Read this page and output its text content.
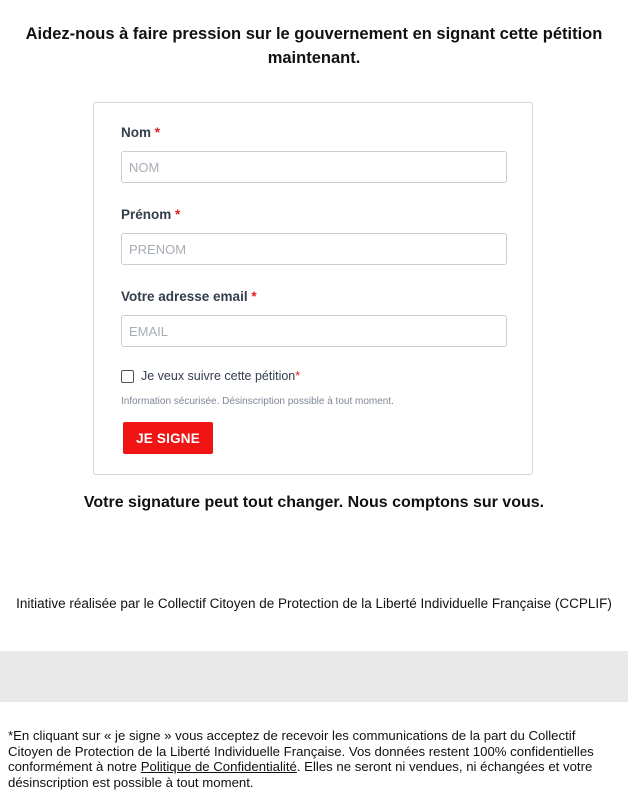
Aidez-nous à faire pression sur le gouvernement en signant cette pétition maintenant.
Nom *
NOM
Prénom *
PRENOM
Votre adresse email *
EMAIL
Je veux suivre cette pétition *
Information sécurisée. Désinscription possible à tout moment.
JE SIGNE
Votre signature peut tout changer. Nous comptons sur vous.
Initiative réalisée par le Collectif Citoyen de Protection de la Liberté Individuelle Française (CCPLIF)
*En cliquant sur « je signe » vous acceptez de recevoir les communications de la part du Collectif Citoyen de Protection de la Liberté Individuelle Française. Vos données restent 100% confidentielles conformément à notre Politique de Confidentialité. Elles ne seront ni vendues, ni échangées et votre désinscription est possible à tout moment.
